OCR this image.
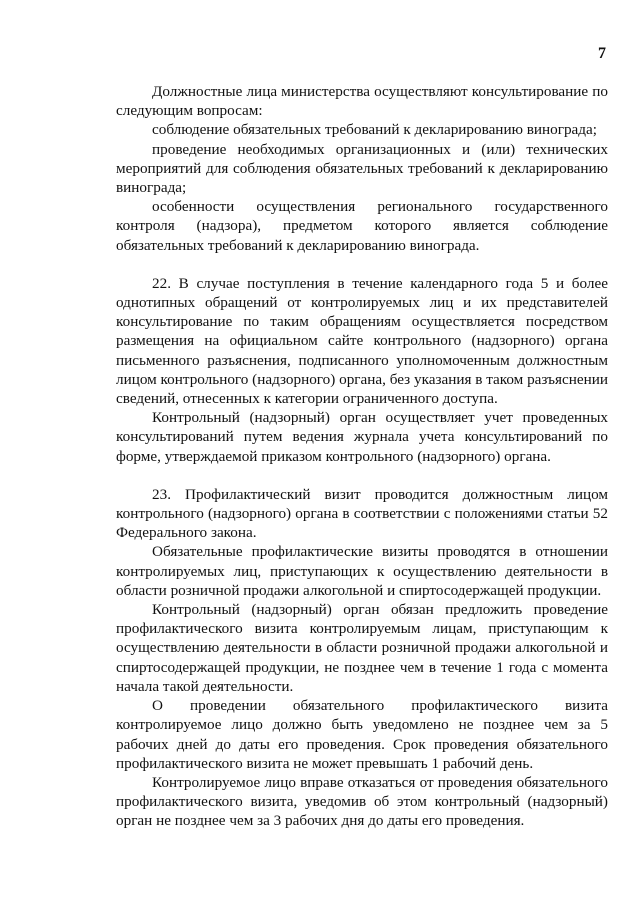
7

Должностные лица министерства осуществляют консультирование по следующим вопросам:

соблюдение обязательных требований к декларированию винограда;

проведение необходимых организационных и (или) технических мероприятий для соблюдения обязательных требований к декларированию винограда;

особенности осуществления регионального государственного контроля (надзора), предметом которого является соблюдение обязательных требований к декларированию винограда.

22. В случае поступления в течение календарного года 5 и более однотипных обращений от контролируемых лиц и их представителей консультирование по таким обращениям осуществляется посредством размещения на официальном сайте контрольного (надзорного) органа письменного разъяснения, подписанного уполномоченным должностным лицом контрольного (надзорного) органа, без указания в таком разъяснении сведений, отнесенных к категории ограниченного доступа.

Контрольный (надзорный) орган осуществляет учет проведенных консультирований путем ведения журнала учета консультирований по форме, утверждаемой приказом контрольного (надзорного) органа.

23. Профилактический визит проводится должностным лицом контрольного (надзорного) органа в соответствии с положениями статьи 52 Федерального закона.

Обязательные профилактические визиты проводятся в отношении контролируемых лиц, приступающих к осуществлению деятельности в области розничной продажи алкогольной и спиртосодержащей продукции.

Контрольный (надзорный) орган обязан предложить проведение профилактического визита контролируемым лицам, приступающим к осуществлению деятельности в области розничной продажи алкогольной и спиртосодержащей продукции, не позднее чем в течение 1 года с момента начала такой деятельности.

О проведении обязательного профилактического визита контролируемое лицо должно быть уведомлено не позднее чем за 5 рабочих дней до даты его проведения. Срок проведения обязательного профилактического визита не может превышать 1 рабочий день.

Контролируемое лицо вправе отказаться от проведения обязательного профилактического визита, уведомив об этом контрольный (надзорный) орган не позднее чем за 3 рабочих дня до даты его проведения.
